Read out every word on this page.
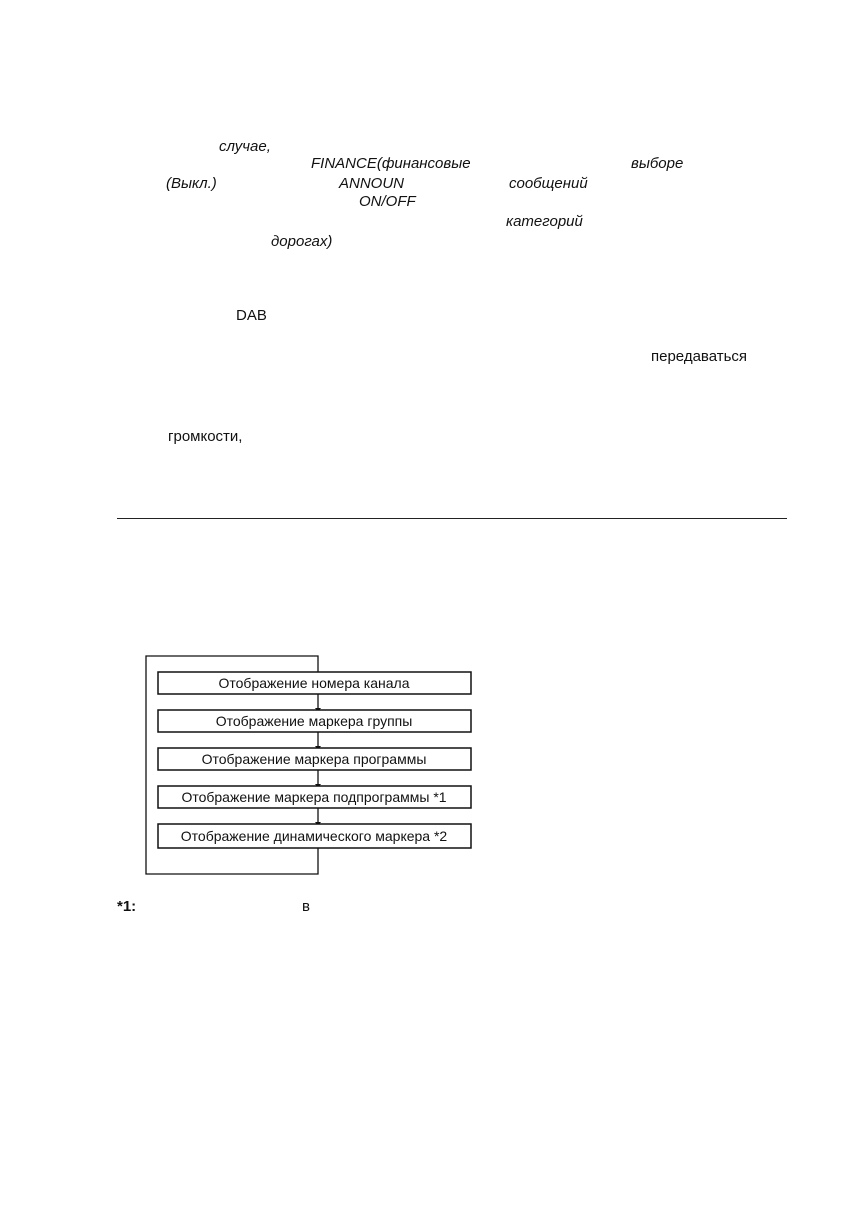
случае,
FINANCE(финансовые	выборе
(Выкл.)	ANNOUN	сообщений
ON/OFF
категорий
дорогах)
DAB
передаваться
громкости,
Отображение номера канала
Отображение маркера группы
Отображение маркера программы
Отображение маркера подпрограммы *1
Отображение динамического маркера *2
*1:	в
